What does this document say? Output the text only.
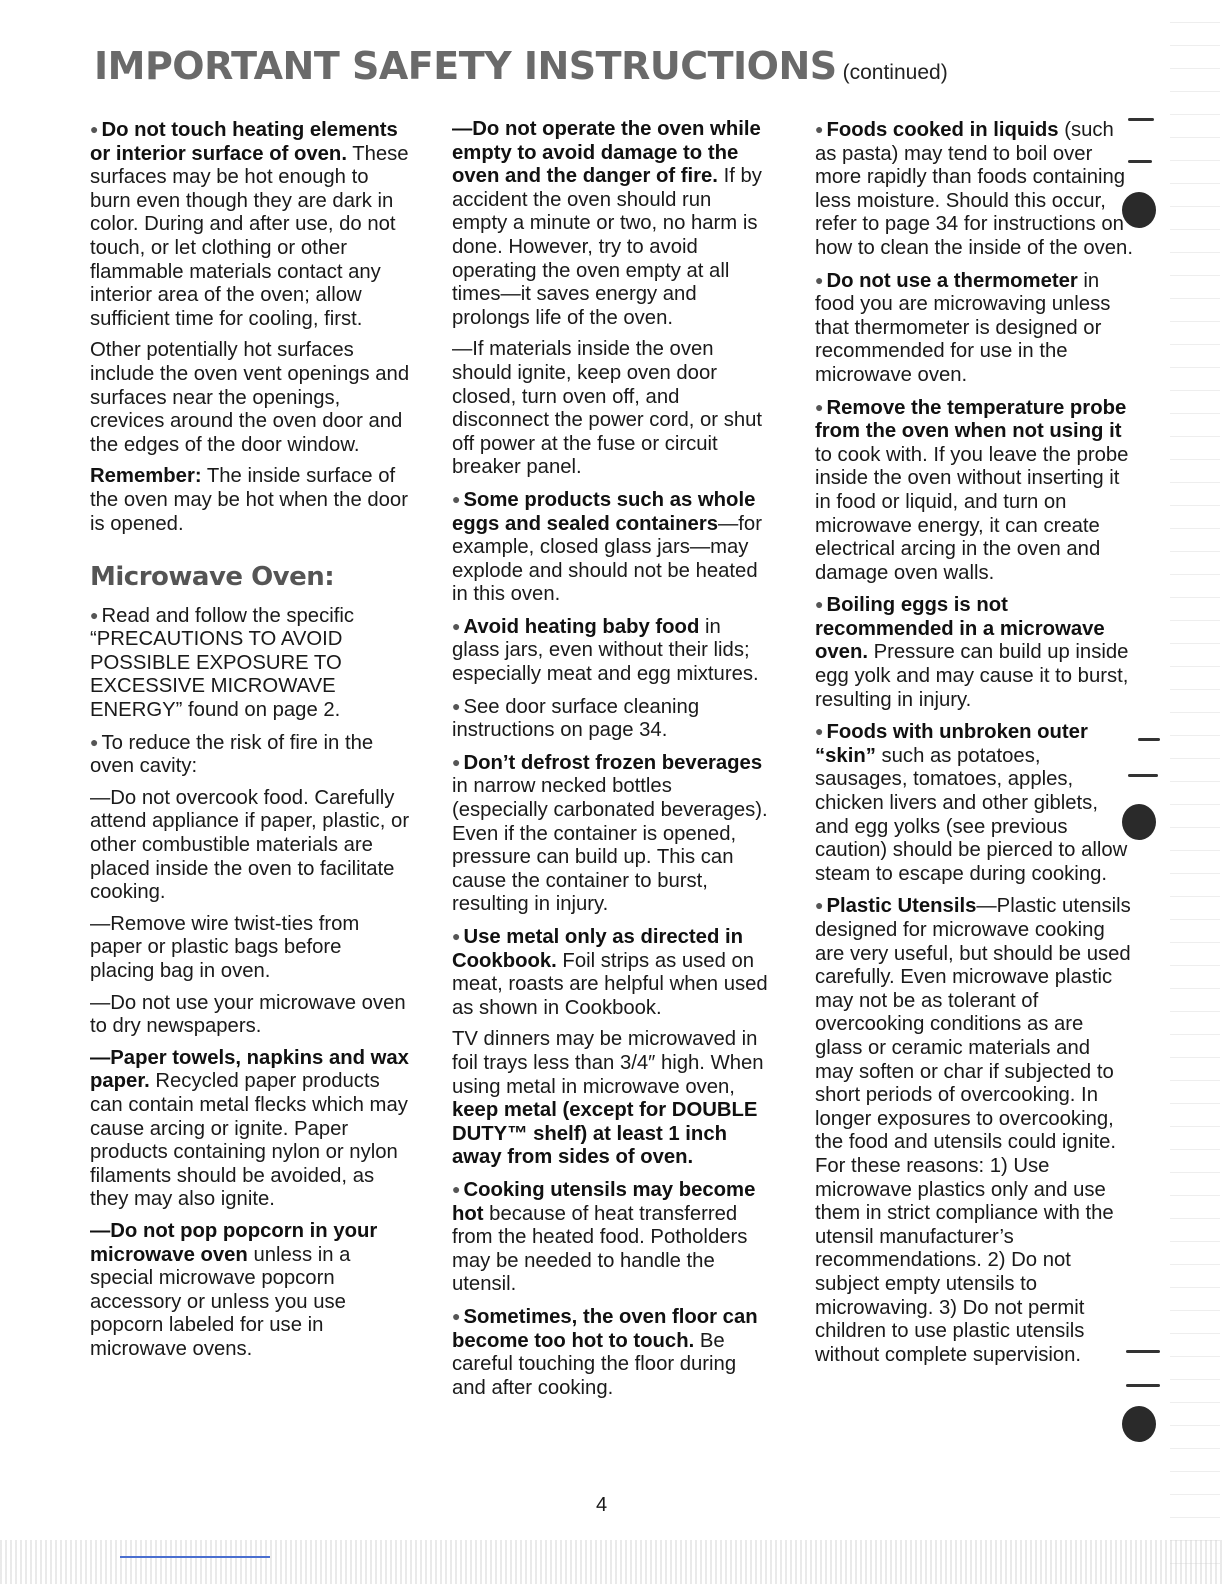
IMPORTANT SAFETY INSTRUCTIONS (continued)

● Do not touch heating elements or interior surface of oven. These surfaces may be hot enough to burn even though they are dark in color. During and after use, do not touch, or let clothing or other flammable materials contact any interior area of the oven; allow sufficient time for cooling, first.

Other potentially hot surfaces include the oven vent openings and surfaces near the openings, crevices around the oven door and the edges of the door window.

Remember: The inside surface of the oven may be hot when the door is opened.

Microwave Oven:

● Read and follow the specific “PRECAUTIONS TO AVOID POSSIBLE EXPOSURE TO EXCESSIVE MICROWAVE ENERGY” found on page 2.

● To reduce the risk of fire in the oven cavity:

—Do not overcook food. Carefully attend appliance if paper, plastic, or other combustible materials are placed inside the oven to facilitate cooking.

—Remove wire twist-ties from paper or plastic bags before placing bag in oven.

—Do not use your microwave oven to dry newspapers.

—Paper towels, napkins and wax paper. Recycled paper products can contain metal flecks which may cause arcing or ignite. Paper products containing nylon or nylon filaments should be avoided, as they may also ignite.

—Do not pop popcorn in your microwave oven unless in a special microwave popcorn accessory or unless you use popcorn labeled for use in microwave ovens.

—Do not operate the oven while empty to avoid damage to the oven and the danger of fire. If by accident the oven should run empty a minute or two, no harm is done. However, try to avoid operating the oven empty at all times—it saves energy and prolongs life of the oven.

—If materials inside the oven should ignite, keep oven door closed, turn oven off, and disconnect the power cord, or shut off power at the fuse or circuit breaker panel.

● Some products such as whole eggs and sealed containers—for example, closed glass jars—may explode and should not be heated in this oven.

● Avoid heating baby food in glass jars, even without their lids; especially meat and egg mixtures.

● See door surface cleaning instructions on page 34.

● Don’t defrost frozen beverages in narrow necked bottles (especially carbonated beverages). Even if the container is opened, pressure can build up. This can cause the container to burst, resulting in injury.

● Use metal only as directed in Cookbook. Foil strips as used on meat, roasts are helpful when used as shown in Cookbook.

TV dinners may be microwaved in foil trays less than 3/4″ high. When using metal in microwave oven, keep metal (except for DOUBLE DUTY™ shelf) at least 1 inch away from sides of oven.

● Cooking utensils may become hot because of heat transferred from the heated food. Potholders may be needed to handle the utensil.

● Sometimes, the oven floor can become too hot to touch. Be careful touching the floor during and after cooking.

● Foods cooked in liquids (such as pasta) may tend to boil over more rapidly than foods containing less moisture. Should this occur, refer to page 34 for instructions on how to clean the inside of the oven.

● Do not use a thermometer in food you are microwaving unless that thermometer is designed or recommended for use in the microwave oven.

● Remove the temperature probe from the oven when not using it to cook with. If you leave the probe inside the oven without inserting it in food or liquid, and turn on microwave energy, it can create electrical arcing in the oven and damage oven walls.

● Boiling eggs is not recommended in a microwave oven. Pressure can build up inside egg yolk and may cause it to burst, resulting in injury.

● Foods with unbroken outer “skin” such as potatoes, sausages, tomatoes, apples, chicken livers and other giblets, and egg yolks (see previous caution) should be pierced to allow steam to escape during cooking.

● Plastic Utensils—Plastic utensils designed for microwave cooking are very useful, but should be used carefully. Even microwave plastic may not be as tolerant of overcooking conditions as are glass or ceramic materials and may soften or char if subjected to short periods of overcooking. In longer exposures to overcooking, the food and utensils could ignite. For these reasons: 1) Use microwave plastics only and use them in strict compliance with the utensil manufacturer’s recommendations. 2) Do not subject empty utensils to microwaving. 3) Do not permit children to use plastic utensils without complete supervision.

4
